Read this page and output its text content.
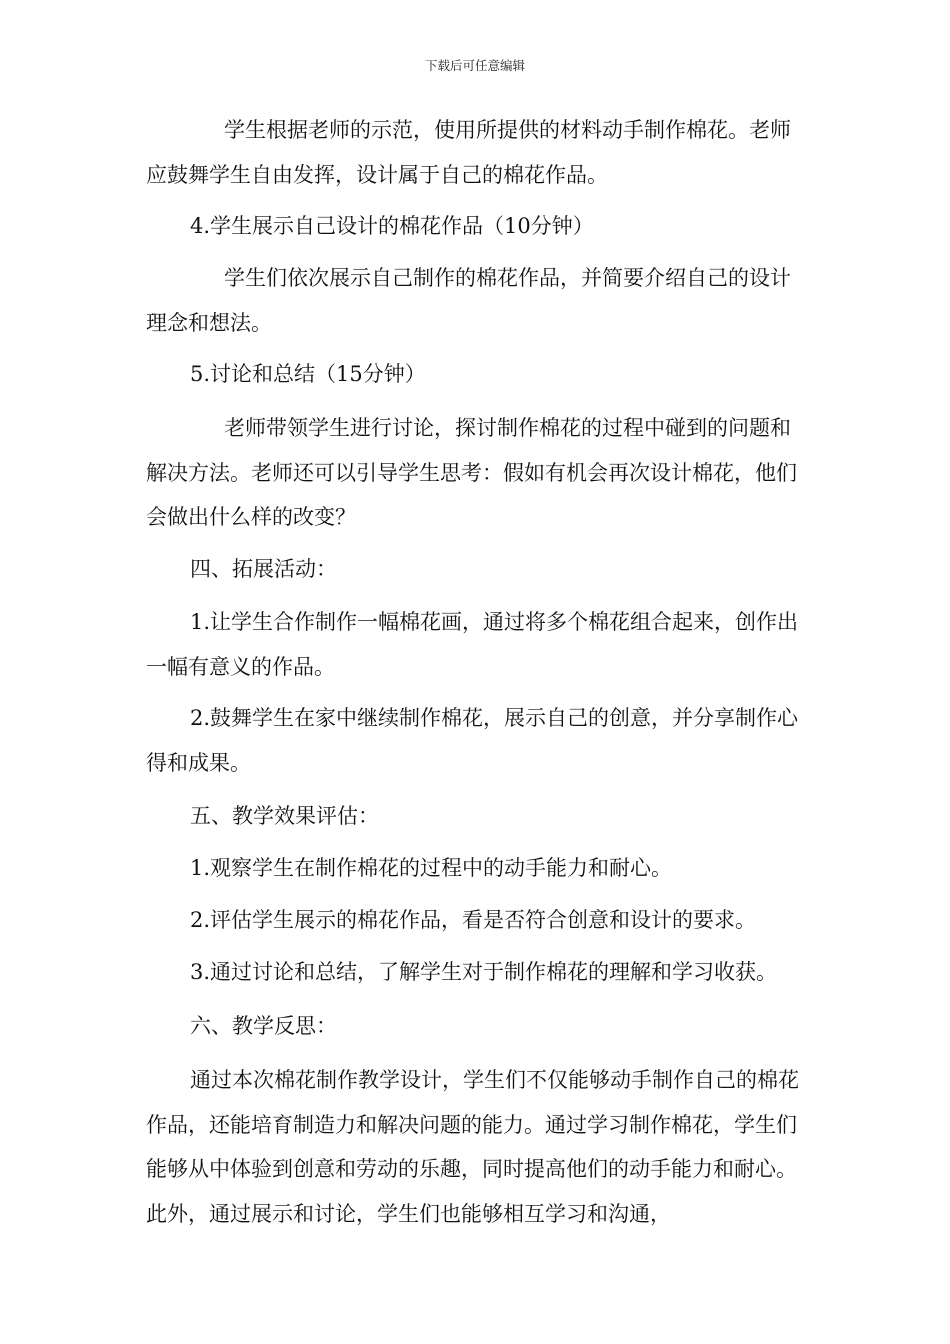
下载后可任意编辑

学生根据老师的示范，使用所提供的材料动手制作棉花。老师应鼓舞学生自由发挥，设计属于自己的棉花作品。

4.学生展示自己设计的棉花作品（10分钟）

学生们依次展示自己制作的棉花作品，并简要介绍自己的设计理念和想法。

5.讨论和总结（15分钟）

老师带领学生进行讨论，探讨制作棉花的过程中碰到的问题和解决方法。老师还可以引导学生思考：假如有机会再次设计棉花，他们会做出什么样的改变？

四、拓展活动：

1.让学生合作制作一幅棉花画，通过将多个棉花组合起来，创作出一幅有意义的作品。

2.鼓舞学生在家中继续制作棉花，展示自己的创意，并分享制作心得和成果。

五、教学效果评估：

1.观察学生在制作棉花的过程中的动手能力和耐心。

2.评估学生展示的棉花作品，看是否符合创意和设计的要求。

3.通过讨论和总结，了解学生对于制作棉花的理解和学习收获。

六、教学反思：

通过本次棉花制作教学设计，学生们不仅能够动手制作自己的棉花作品，还能培育制造力和解决问题的能力。通过学习制作棉花，学生们能够从中体验到创意和劳动的乐趣，同时提高他们的动手能力和耐心。此外，通过展示和讨论，学生们也能够相互学习和沟通，
